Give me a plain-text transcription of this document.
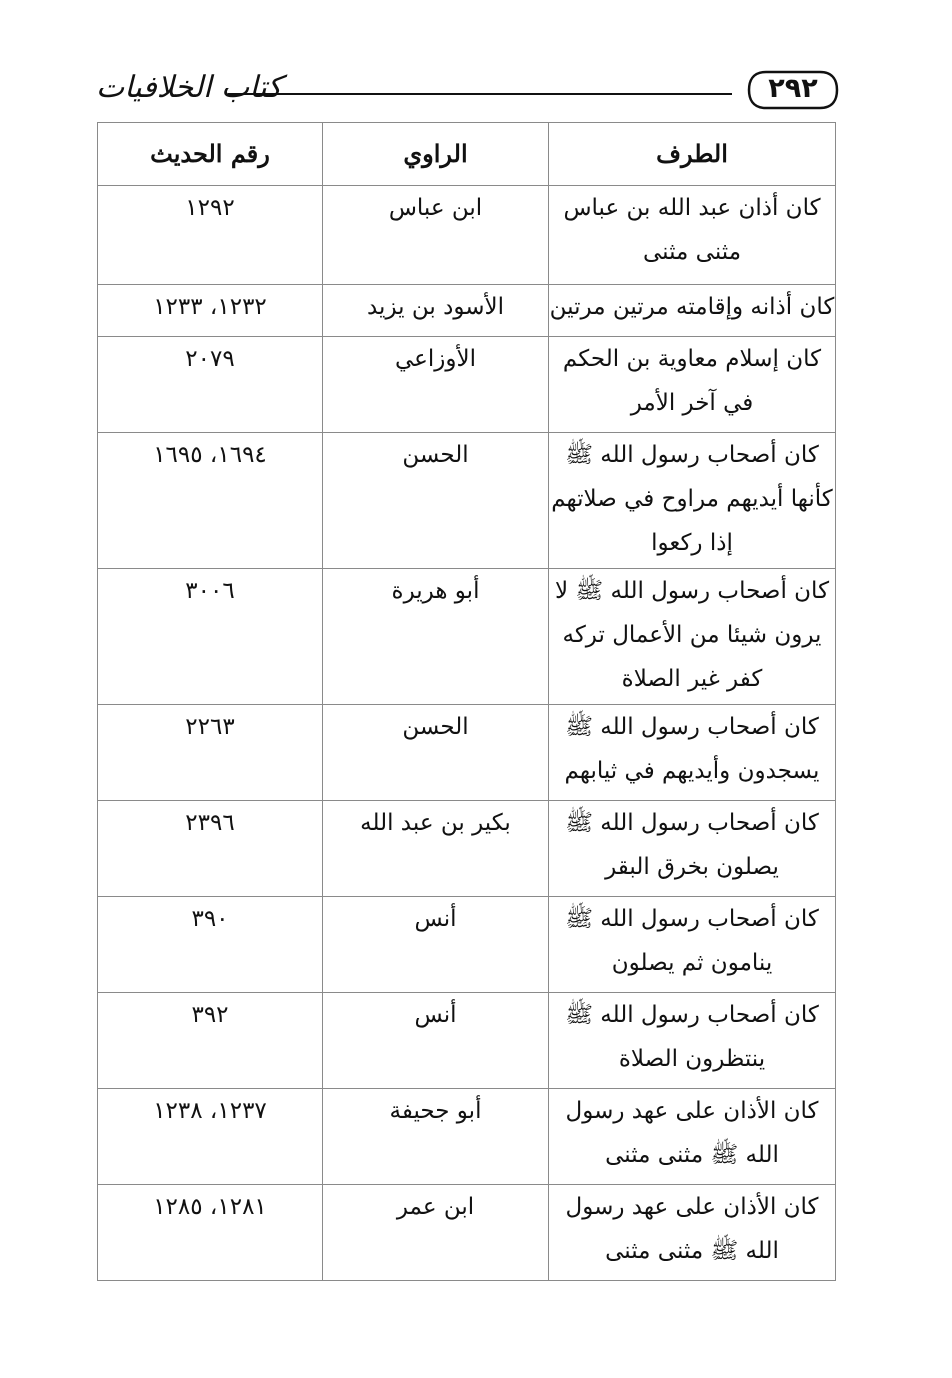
كتاب الخلافيات	٢٩٢
الطرف	الراوي	رقم الحديث
كان أذان عبد الله بن عباس مثنى مثنى	ابن عباس	١٢٩٢
كان أذانه وإقامته مرتين مرتين	الأسود بن يزيد	١٢٣٢، ١٢٣٣
كان إسلام معاوية بن الحكم في آخر الأمر	الأوزاعي	٢٠٧٩
كان أصحاب رسول الله ﷺ كأنها أيديهم مراوح في صلاتهم إذا ركعوا	الحسن	١٦٩٤، ١٦٩٥
كان أصحاب رسول الله ﷺ لا يرون شيئا من الأعمال تركه كفر غير الصلاة	أبو هريرة	٣٠٠٦
كان أصحاب رسول الله ﷺ يسجدون وأيديهم في ثيابهم	الحسن	٢٢٦٣
كان أصحاب رسول الله ﷺ يصلون بخرق البقر	بكير بن عبد الله	٢٣٩٦
كان أصحاب رسول الله ﷺ ينامون ثم يصلون	أنس	٣٩٠
كان أصحاب رسول الله ﷺ ينتظرون الصلاة	أنس	٣٩٢
كان الأذان على عهد رسول الله ﷺ مثنى مثنى	أبو جحيفة	١٢٣٧، ١٢٣٨
كان الأذان على عهد رسول الله ﷺ مثنى مثنى	ابن عمر	١٢٨١، ١٢٨٥
